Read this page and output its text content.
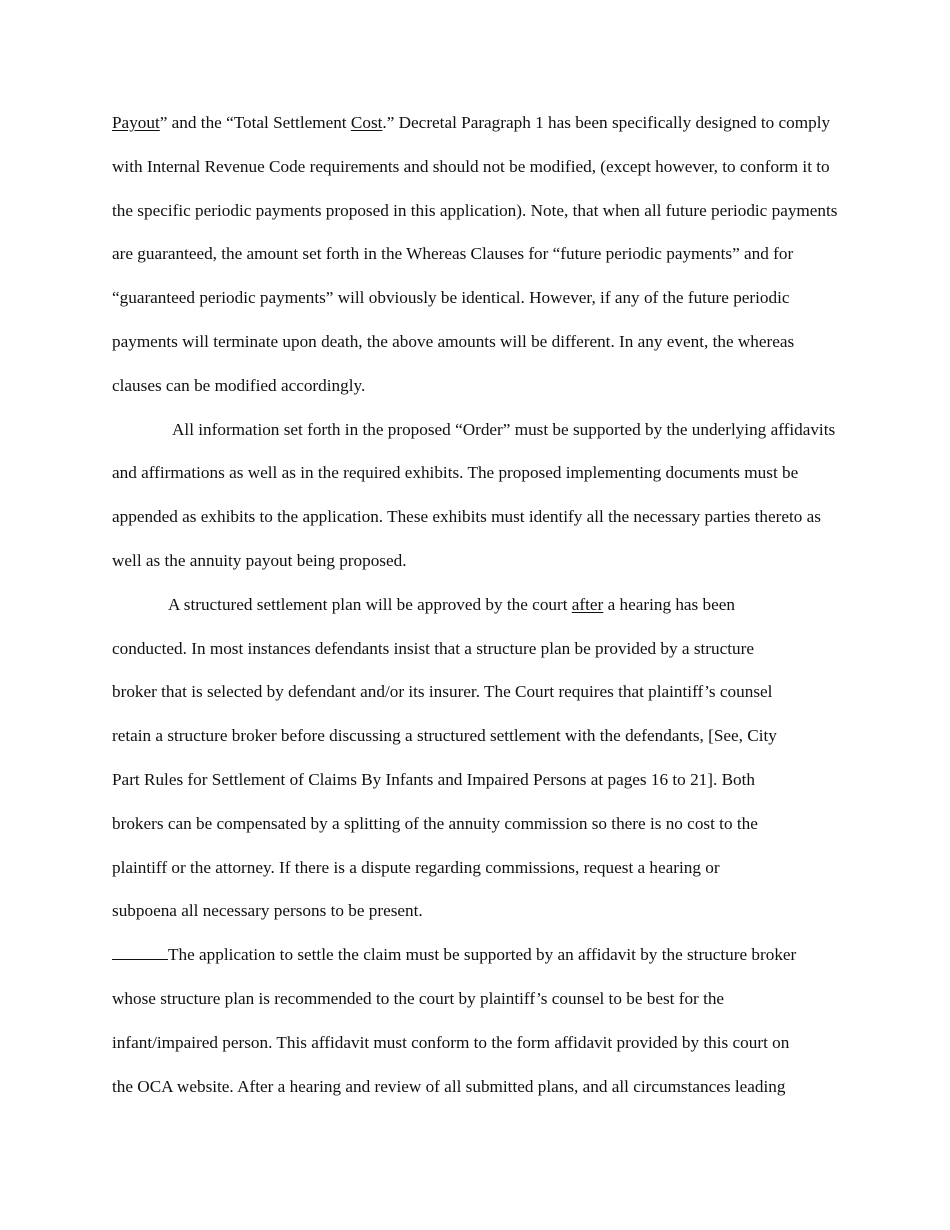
Payout” and the “Total Settlement Cost.” Decretal Paragraph 1 has been specifically designed to comply
with Internal Revenue Code requirements and should not be modified, (except however, to conform it to
the specific periodic payments proposed in this application). Note, that when all future periodic payments
are guaranteed, the amount set forth in the Whereas Clauses for “future periodic payments” and for
“guaranteed periodic payments” will obviously be identical. However, if any of the future periodic
payments will terminate upon death, the above amounts will be different. In any event, the whereas
clauses can be modified accordingly.
All information set forth in the proposed “Order” must be supported by the underlying affidavits
and affirmations as well as in the required exhibits. The proposed implementing documents must be
appended as exhibits to the application. These exhibits must identify all the necessary parties thereto as
well as the annuity payout being proposed.
A structured settlement plan will be approved by the court after a hearing has been
conducted. In most instances defendants insist that a structure plan be provided by a structure
broker that is selected by defendant and/or its insurer. The Court requires that plaintiff’s counsel
retain a structure broker before discussing a structured settlement with the defendants, [See, City
Part Rules for Settlement of Claims By Infants and Impaired Persons at pages 16 to 21]. Both
brokers can be compensated by a splitting of the annuity commission so there is no cost to the
plaintiff or the attorney. If there is a dispute regarding commissions, request a hearing or
subpoena all necessary persons to be present.
The application to settle the claim must be supported by an affidavit by the structure broker
whose structure plan is recommended to the court by plaintiff’s counsel to be best for the
infant/impaired person. This affidavit must conform to the form affidavit provided by this court on
the OCA website. After a hearing and review of all submitted plans, and all circumstances leading
